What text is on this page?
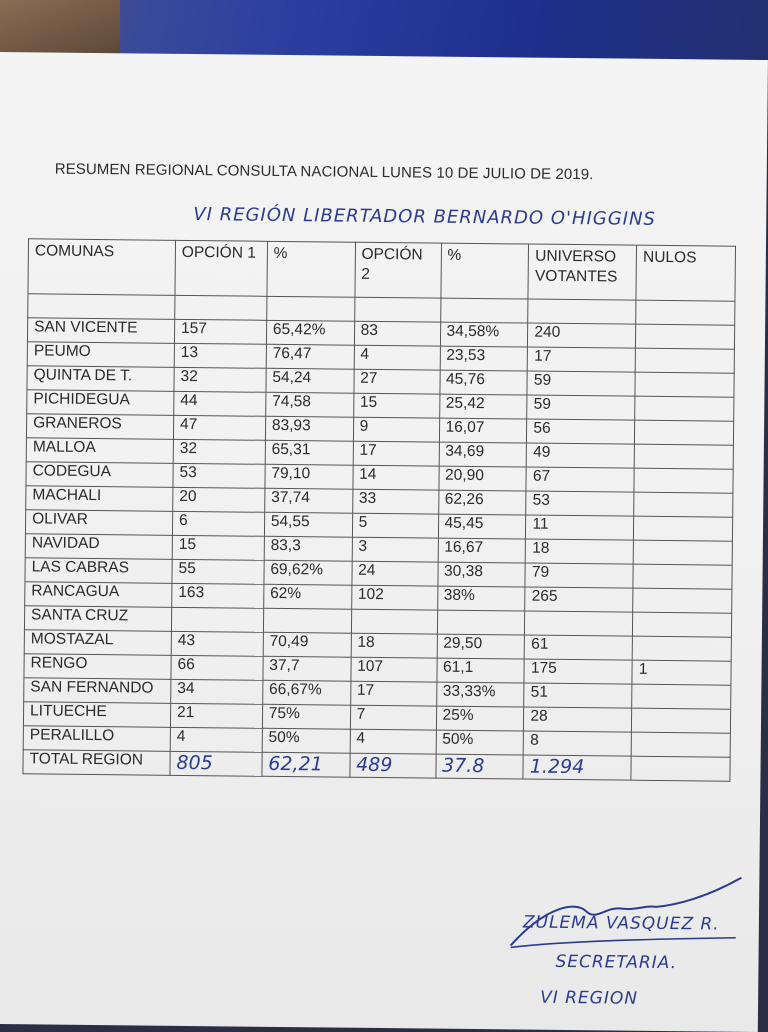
RESUMEN REGIONAL CONSULTA NACIONAL LUNES 10 DE JULIO DE 2019.
VI REGIÓN LIBERTADOR BERNARDO O'HIGGINS
COMUNAS	OPCIÓN 1	%	OPCIÓN 2	%	UNIVERSO VOTANTES	NULOS

SAN VICENTE	157	65,42%	83	34,58%	240	
PEUMO	13	76,47	4	23,53	17	
QUINTA DE T.	32	54,24	27	45,76	59	
PICHIDEGUA	44	74,58	15	25,42	59	
GRANEROS	47	83,93	9	16,07	56	
MALLOA	32	65,31	17	34,69	49	
CODEGUA	53	79,10	14	20,90	67	
MACHALI	20	37,74	33	62,26	53	
OLIVAR	6	54,55	5	45,45	11	
NAVIDAD	15	83,3	3	16,67	18	
LAS CABRAS	55	69,62%	24	30,38	79	
RANCAGUA	163	62%	102	38%	265	
SANTA CRUZ						
MOSTAZAL	43	70,49	18	29,50	61	
RENGO	66	37,7	107	61,1	175	1
SAN FERNANDO	34	66,67%	17	33,33%	51	
LITUECHE	21	75%	7	25%	28	
PERALILLO	4	50%	4	50%	8	
TOTAL REGION	805	62,21	489	37.8	1.294	
ZULEMA VASQUEZ R.
SECRETARIA.
VI REGION
